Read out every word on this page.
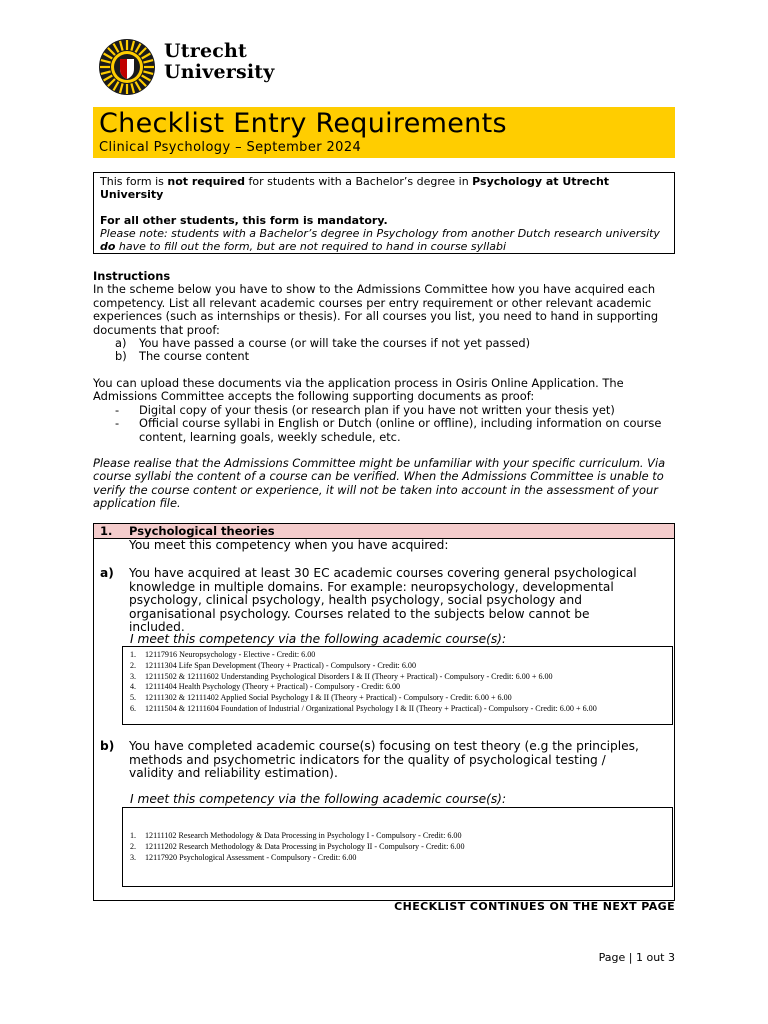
Utrecht
University
Checklist Entry Requirements
Clinical Psychology – September 2024
This form is not required for students with a Bachelor’s degree in Psychology at Utrecht University
For all other students, this form is mandatory.
Please note: students with a Bachelor’s degree in Psychology from another Dutch research university do have to fill out the form, but are not required to hand in course syllabi
Instructions
In the scheme below you have to show to the Admissions Committee how you have acquired each competency. List all relevant academic courses per entry requirement or other relevant academic experiences (such as internships or thesis). For all courses you list, you need to hand in supporting documents that proof:
a) You have passed a course (or will take the courses if not yet passed)
b) The course content
You can upload these documents via the application process in Osiris Online Application. The Admissions Committee accepts the following supporting documents as proof:
- Digital copy of your thesis (or research plan if you have not written your thesis yet)
- Official course syllabi in English or Dutch (online or offline), including information on course content, learning goals, weekly schedule, etc.
Please realise that the Admissions Committee might be unfamiliar with your specific curriculum. Via course syllabi the content of a course can be verified. When the Admissions Committee is unable to verify the course content or experience, it will not be taken into account in the assessment of your application file.
1. Psychological theories
You meet this competency when you have acquired:
a) You have acquired at least 30 EC academic courses covering general psychological knowledge in multiple domains. For example: neuropsychology, developmental psychology, clinical psychology, health psychology, social psychology and organisational psychology. Courses related to the subjects below cannot be included.
I meet this competency via the following academic course(s):
1. 12117916 Neuropsychology - Elective - Credit: 6.00
2. 12111304 Life Span Development (Theory + Practical) - Compulsory - Credit: 6.00
3. 12111502 & 12111602 Understanding Psychological Disorders I & II (Theory + Practical) - Compulsory - Credit: 6.00 + 6.00
4. 12111404 Health Psychology (Theory + Practical) - Compulsory - Credit: 6.00
5. 12111302 & 12111402 Applied Social Psychology I & II (Theory + Practical) - Compulsory - Credit: 6.00 + 6.00
6. 12111504 & 12111604 Foundation of Industrial / Organizational Psychology I & II (Theory + Practical) - Compulsory - Credit: 6.00 + 6.00
b) You have completed academic course(s) focusing on test theory (e.g the principles, methods and psychometric indicators for the quality of psychological testing / validity and reliability estimation).
I meet this competency via the following academic course(s):
1. 12111102 Research Methodology & Data Processing in Psychology I - Compulsory - Credit: 6.00
2. 12111202 Research Methodology & Data Processing in Psychology II - Compulsory - Credit: 6.00
3. 12117920 Psychological Assessment - Compulsory - Credit: 6.00
CHECKLIST CONTINUES ON THE NEXT PAGE
Page | 1 out 3
